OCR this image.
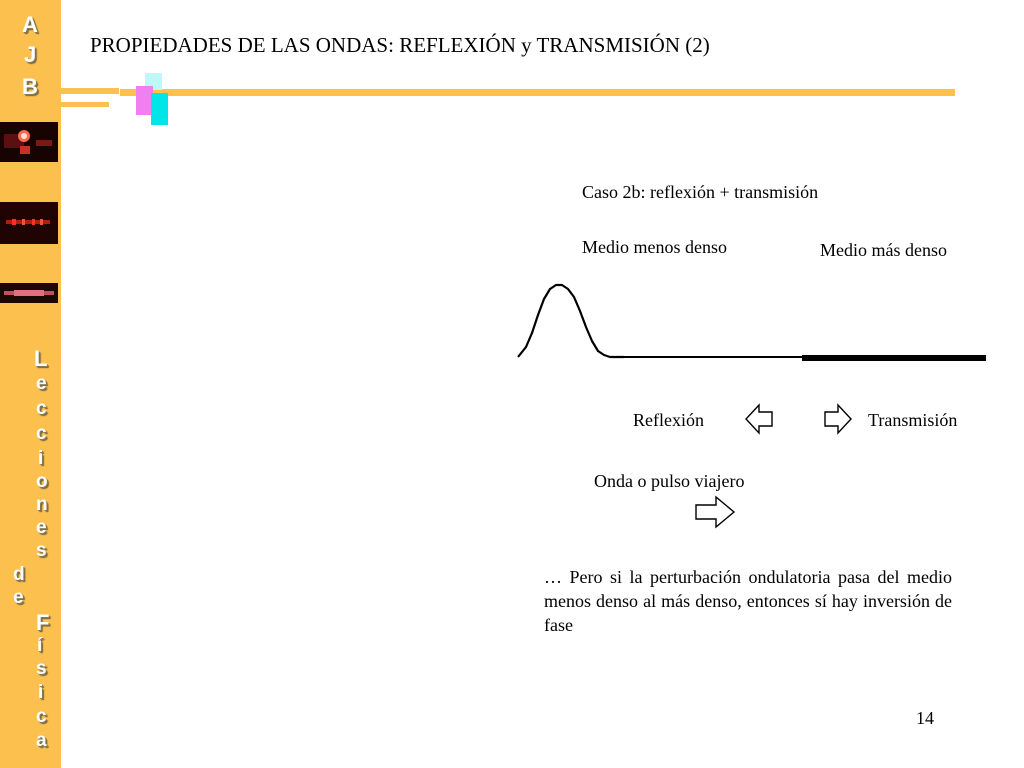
A
J
B
L
e
c
c
i
o
n
e
s
d
e
F
í
s
i
c
a
PROPIEDADES DE LAS ONDAS: REFLEXIÓN y TRANSMISIÓN (2)
Caso 2b: reflexión + transmisión
Medio menos denso	Medio más denso
Reflexión	Transmisión
Onda o pulso viajero
… Pero si la perturbación ondulatoria pasa del medio menos denso al más denso, entonces sí hay inversión de fase
14
